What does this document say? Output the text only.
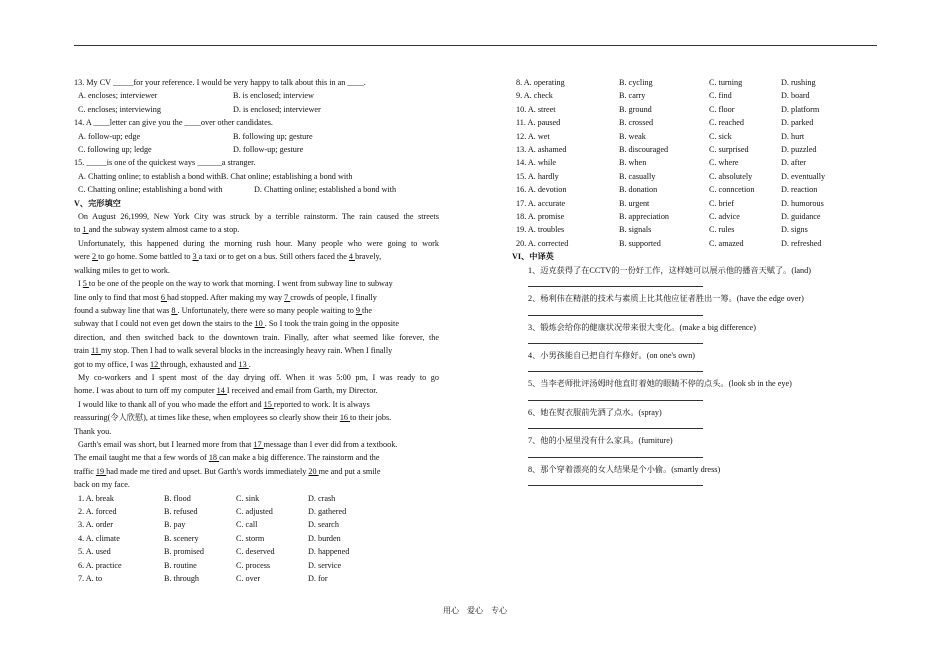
13. My CV _____for your reference. I would be very happy to talk about this in an ____.
A. encloses; interviewer	B. is enclosed; interview
C. encloses; interviewing	D. is enclosed; interviewer
14. A ____letter can give you the ____over other candidates.
A. follow-up; edge	B. following up; gesture
C. following up; ledge	D. follow-up; gesture
15. _____is one of the quickest ways ______a stranger.
A. Chatting online; to establish a bond with B. Chat online; establishing a bond with
C. Chatting online; establishing a bond with	D. Chatting online; established a bond with
V、完形填空
On August 26,1999, New York City was struck by a terrible rainstorm. The rain caused the streets
to 1 and the subway system almost came to a stop.
Unfortunately, this happened during the morning rush hour. Many people who were going to work
were 2 to go home. Some battled to 3 a taxi or to get on a bus. Still others faced the 4 bravely,
walking miles to get to work.
I 5 to be one of the people on the way to work that morning. I went from subway line to subway
line only to find that most 6 had stopped. After making my way 7 crowds of people, I finally
found a subway line that was 8 . Unfortunately, there were so many people waiting to 9 the
subway that I could not even get down the stairs to the 10 . So I took the train going in the opposite
direction, and then switched back to the downtown train. Finally, after what seemed like forever, the
train 11 my stop. Then I had to walk several blocks in the increasingly heavy rain. When I finally
got to my office, I was 12 through, exhausted and 13 .
My co-workers and I spent most of the day drying off. When it was 5:00 pm, I was ready to go
home. I was about to turn off my computer 14 I received and email from Garth, my Director.
I would like to thank all of you who made the effort and 15 reported to work. It is always
reassuring(令人欣慰), at times like these, when employees so clearly show their 16 to their jobs.
Thank you.
Garth's email was short, but I learned more from that 17 message than I ever did from a textbook.
The email taught me that a few words of 18 can make a big difference. The rainstorm and the
traffic 19 had made me tired and upset. But Garth's words immediately 20 me and put a smile
back on my face.
1. A. break	B. flood	C. sink	D. crash
2. A. forced	B. refused	C. adjusted	D. gathered
3. A. order	B. pay	C. call	D. search
4. A. climate	B. scenery	C. storm	D. burden
5. A. used	B. promised	C. deserved	D. happened
6. A. practice	B. routine	C. process	D. service
7. A. to	B. through	C. over	D. for
8. A. operating	B. cycling	C. turning	D. rushing
9. A. check	B. carry	C. find	D. board
10. A. street	B. ground	C. floor	D. platform
11. A. paused	B. crossed	C. reached	D. parked
12. A. wet	B. weak	C. sick	D. hurt
13. A. ashamed	B. discouraged	C. surprised	D. puzzled
14. A. while	B. when	C. where	D. after
15. A. hardly	B. casually	C. absolutely	D. eventually
16. A. devotion	B. donation	C. conncetion	D. reaction
17. A. accurate	B. urgent	C. brief	D. humorous
18. A. promise	B. appreciation	C. advice	D. guidance
19. A. troubles	B. signals	C. rules	D. signs
20. A. corrected	B. supported	C. amazed	D. refreshed
VI、中译英
1、迈克获得了在CCTV的一份好工作，这样她可以展示他的播音天赋了。(land)
2、杨利伟在精湛的技术与素质上比其他应征者胜出一筹。(have the edge over)
3、锻炼会给你的健康状况带来很大变化。(make a big difference)
4、小男孩能自已把自行车修好。(on one's own)
5、当李老师批评汤姆时他直盯着她的眼睛不停的点头。(look sb in the eye)
6、她在熨衣服前先洒了点水。(spray)
7、他的小屋里没有什么家具。(furniture)
8、那个穿着漂亮的女人结果是个小偷。(smartly dress)
用心　爱心　专心
